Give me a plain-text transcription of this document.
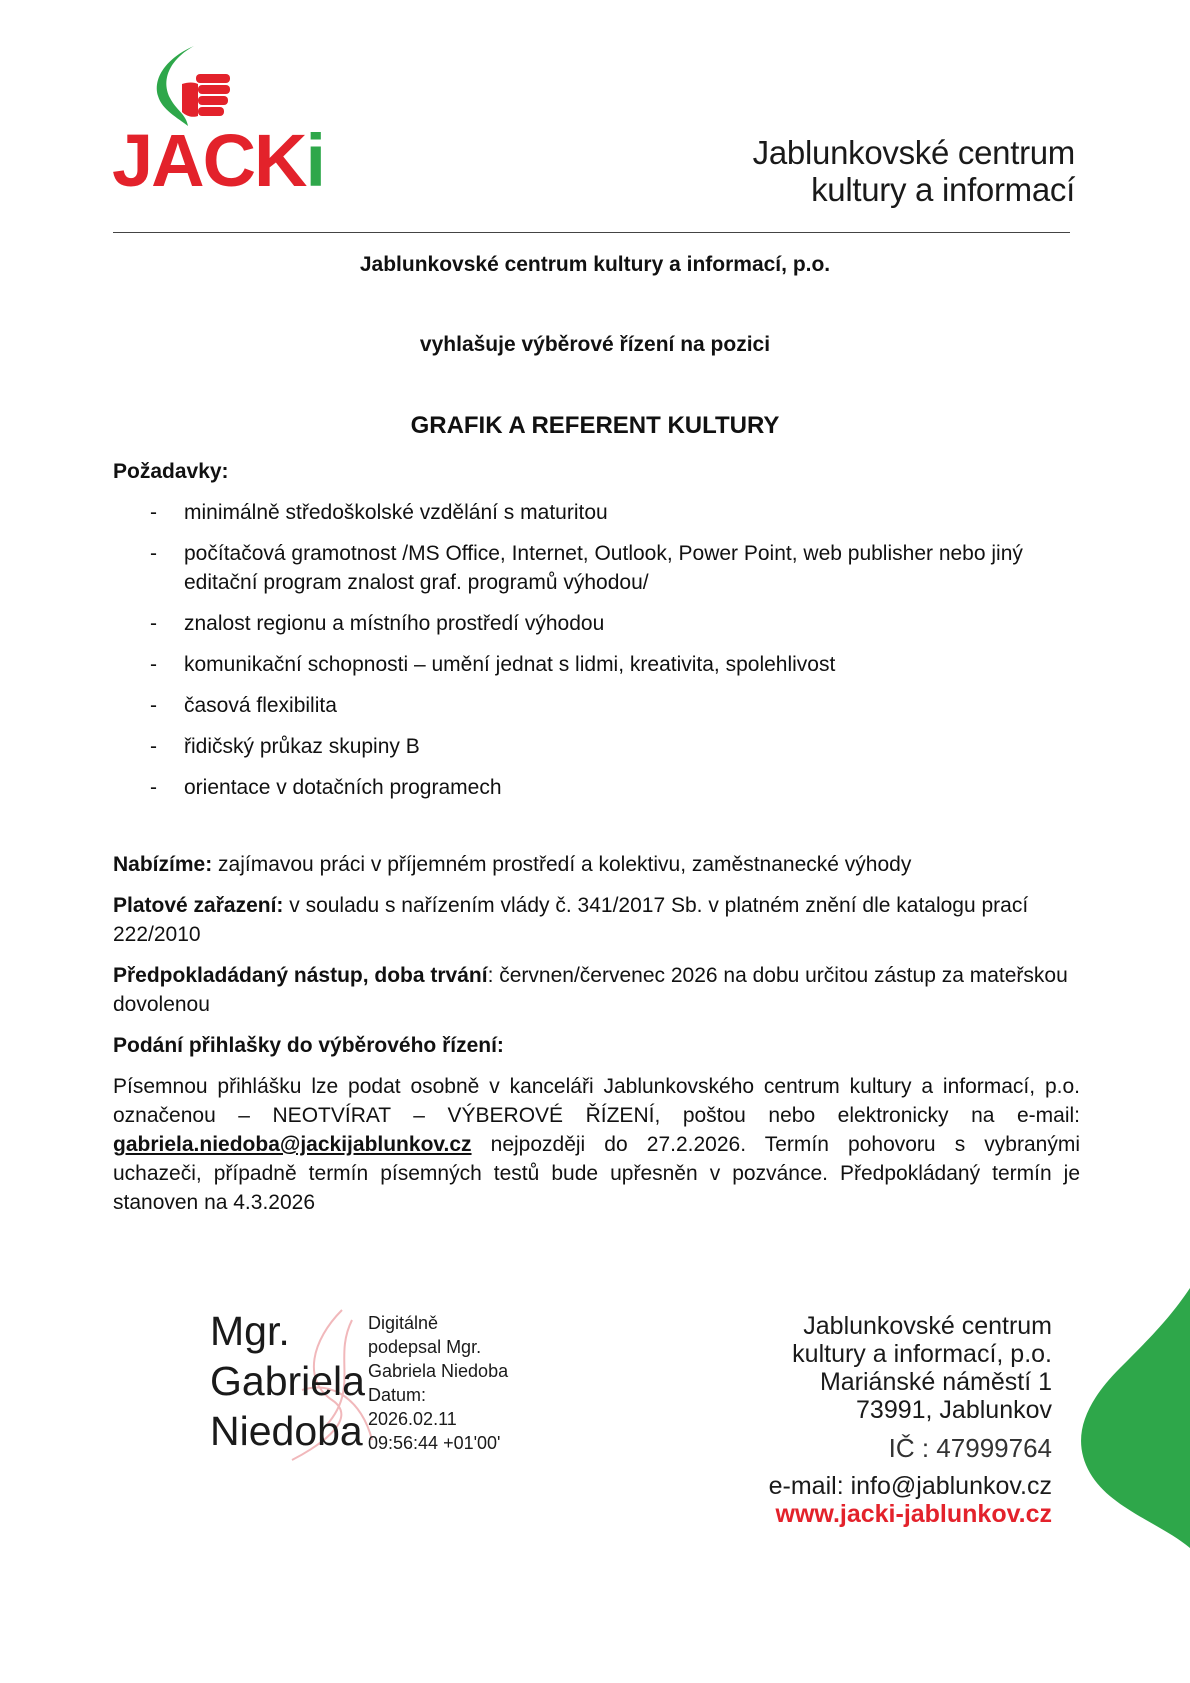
JACKi	Jablunkovské centrum
kultury a informací
Jablunkovské centrum kultury a informací, p.o.
vyhlašuje výběrové řízení na pozici
GRAFIK A REFERENT KULTURY
Požadavky:
- minimálně středoškolské vzdělání s maturitou
- počítačová gramotnost /MS Office, Internet, Outlook, Power Point, web publisher nebo jiný editační program znalost graf. programů výhodou/
- znalost regionu a místního prostředí výhodou
- komunikační schopnosti – umění jednat s lidmi, kreativita, spolehlivost
- časová flexibilita
- řidičský průkaz skupiny B
- orientace v dotačních programech
Nabízíme: zajímavou práci v příjemném prostředí a kolektivu, zaměstnanecké výhody
Platové zařazení: v souladu s nařízením vlády č. 341/2017 Sb. v platném znění dle katalogu prací 222/2010
Předpokladádaný nástup, doba trvání: červnen/červenec 2026 na dobu určitou zástup za mateřskou dovolenou
Podání přihlašky do výběrového řízení:
Písemnou přihlášku lze podat osobně v kanceláři Jablunkovského centrum kultury a informací, p.o. označenou – NEOTVÍRAT – VÝBEROVÉ ŘÍZENÍ, poštou nebo elektronicky na e-mail: gabriela.niedoba@jackijablunkov.cz nejpozději do 27.2.2026. Termín pohovoru s vybranými uchazeči, případně termín písemných testů bude upřesněn v pozvánce. Předpokládaný termín je stanoven na 4.3.2026
Mgr.
Gabriela
Niedoba
Digitálně
podepsal Mgr.
Gabriela Niedoba
Datum:
2026.02.11
09:56:44 +01'00'
Jablunkovské centrum
kultury a informací, p.o.
Mariánské náměstí 1
73991, Jablunkov
IČ : 47999764
e-mail: info@jablunkov.cz
www.jacki-jablunkov.cz
